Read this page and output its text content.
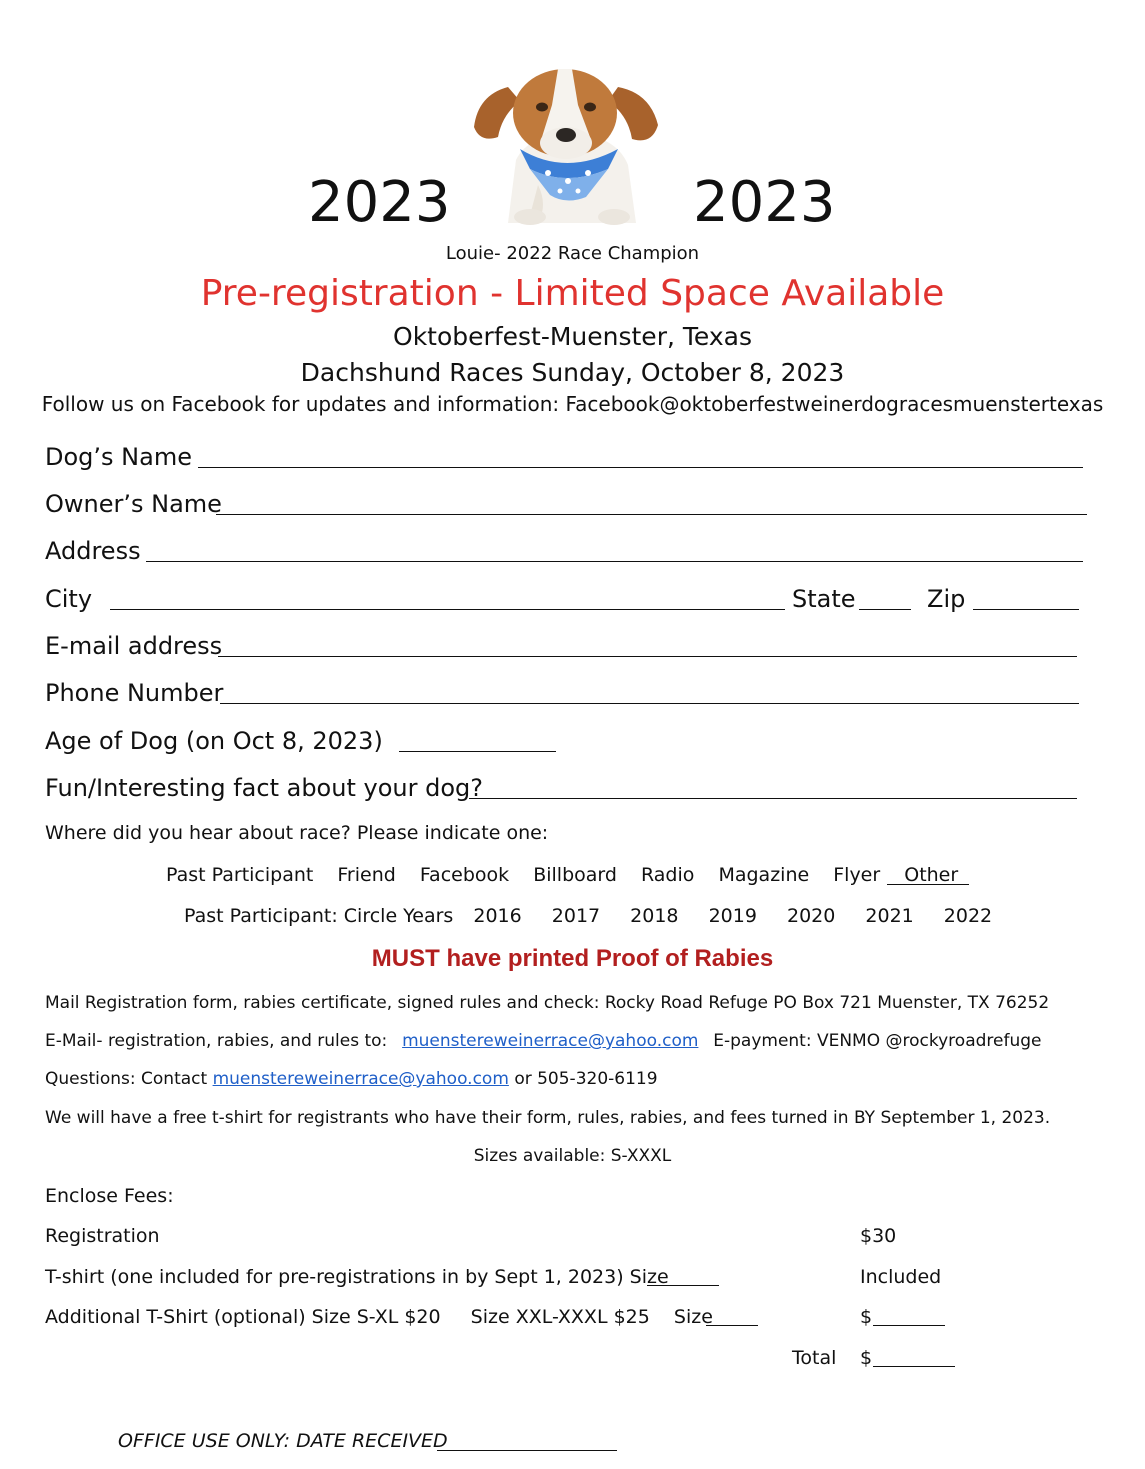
2023	2023
Louie- 2022 Race Champion
Pre-registration - Limited Space Available
Oktoberfest-Muenster, Texas
Dachshund Races Sunday, October 8, 2023
Follow us on Facebook for updates and information: Facebook@oktoberfestweinerdogracesmuenstertexas
Dog’s Name
Owner’s Name
Address
City	State	Zip
E-mail address
Phone Number
Age of Dog (on Oct 8, 2023)
Fun/Interesting fact about your dog?
Where did you hear about race? Please indicate one:
Past Participant Friend Facebook Billboard Radio Magazine Flyer Other
Past Participant: Circle Years 2016 2017 2018 2019 2020 2021 2022
MUST have printed Proof of Rabies
Mail Registration form, rabies certificate, signed rules and check: Rocky Road Refuge PO Box 721 Muenster, TX 76252
E-Mail- registration, rabies, and rules to: muenstereweinerrace@yahoo.com E-payment: VENMO @rockyroadrefuge
Questions: Contact muenstereweinerrace@yahoo.com or 505-320-6119
We will have a free t-shirt for registrants who have their form, rules, rabies, and fees turned in BY September 1, 2023.
Sizes available: S-XXXL
Enclose Fees:
Registration	$30
T-shirt (one included for pre-registrations in by Sept 1, 2023) Size	Included
Additional T-Shirt (optional) Size S-XL $20 Size XXL-XXXL $25 Size	$
Total $
OFFICE USE ONLY: DATE RECEIVED
